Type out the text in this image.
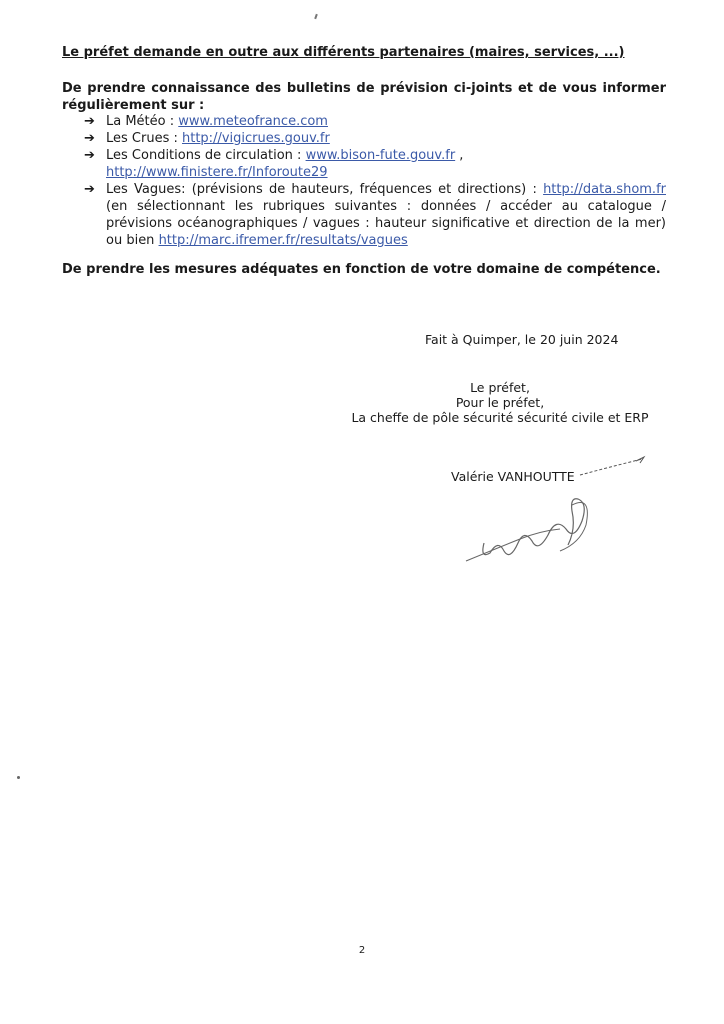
Le préfet demande en outre aux différents partenaires (maires, services, ...)
De prendre connaissance des bulletins de prévision ci-joints et de vous informer régulièrement sur :
➔ La Météo : www.meteofrance.com
➔ Les Crues : http://vigicrues.gouv.fr
➔ Les Conditions de circulation : www.bison-fute.gouv.fr ,
http://www.finistere.fr/Inforoute29
➔ Les Vagues: (prévisions de hauteurs, fréquences et directions) : http://data.shom.fr (en sélectionnant les rubriques suivantes : données / accéder au catalogue / prévisions océanographiques / vagues : hauteur significative et direction de la mer) ou bien http://marc.ifremer.fr/resultats/vagues
De prendre les mesures adéquates en fonction de votre domaine de compétence.
Fait à Quimper, le 20 juin 2024
Le préfet,
Pour le préfet,
La cheffe de pôle sécurité sécurité civile et ERP
Valérie VANHOUTTE
2
